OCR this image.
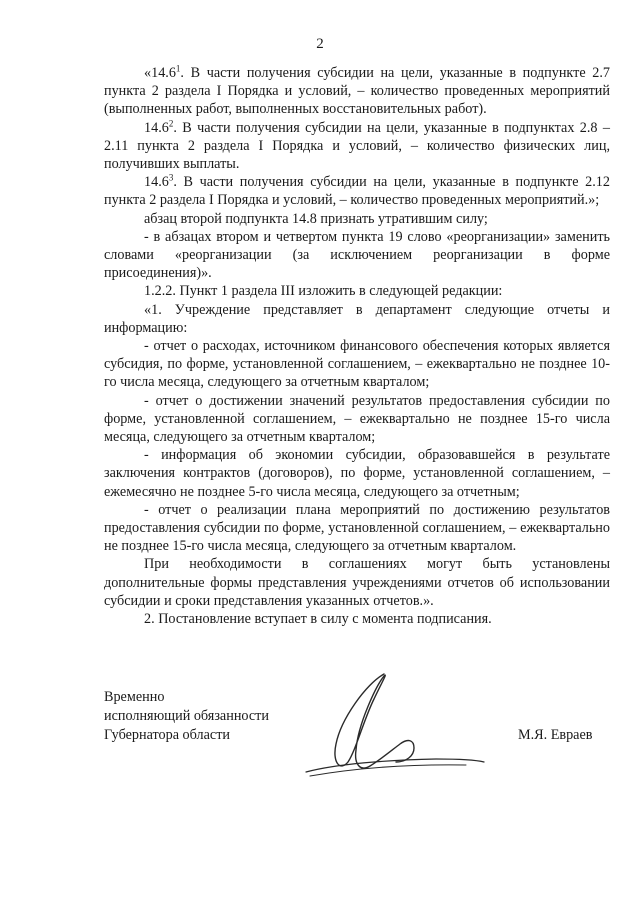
2

«14.6$^1$. В части получения субсидии на цели, указанные в подпункте 2.7 пункта 2 раздела I Порядка и условий, – количество проведенных мероприятий (выполненных работ, выполненных восстановительных работ).

14.6$^2$. В части получения субсидии на цели, указанные в подпунктах 2.8 – 2.11 пункта 2 раздела I Порядка и условий, – количество физических лиц, получивших выплаты.

14.6$^3$. В части получения субсидии на цели, указанные в подпункте 2.12 пункта 2 раздела I Порядка и условий, – количество проведенных мероприятий.»;

абзац второй подпункта 14.8 признать утратившим силу;

- в абзацах втором и четвертом пункта 19 слово «реорганизации» заменить словами «реорганизации (за исключением реорганизации в форме присоединения)».

1.2.2. Пункт 1 раздела III изложить в следующей редакции:

«1. Учреждение представляет в департамент следующие отчеты и информацию:

- отчет о расходах, источником финансового обеспечения которых является субсидия, по форме, установленной соглашением, – ежеквартально не позднее 10-го числа месяца, следующего за отчетным кварталом;

- отчет о достижении значений результатов предоставления субсидии по форме, установленной соглашением, – ежеквартально не позднее 15-го числа месяца, следующего за отчетным кварталом;

- информация об экономии субсидии, образовавшейся в результате заключения контрактов (договоров), по форме, установленной соглашением, – ежемесячно не позднее 5-го числа месяца, следующего за отчетным;

- отчет о реализации плана мероприятий по достижению результатов предоставления субсидии по форме, установленной соглашением, – ежеквартально не позднее 15-го числа месяца, следующего за отчетным кварталом.

При необходимости в соглашениях могут быть установлены дополнительные формы представления учреждениями отчетов об использовании субсидии и сроки представления указанных отчетов.».

2. Постановление вступает в силу с момента подписания.

Временно
исполняющий обязанности
Губернатора области	М.Я. Евраев
